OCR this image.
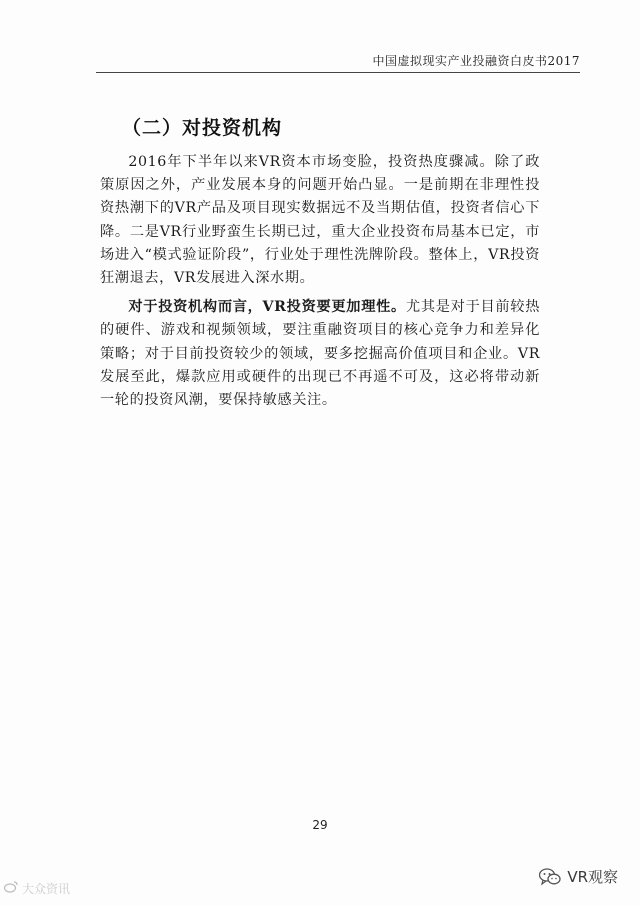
中国虚拟现实产业投融资白皮书2017
（二）对投资机构

2016年下半年以来VR资本市场变脸，投资热度骤减。除了政策原因之外，产业发展本身的问题开始凸显。一是前期在非理性投资热潮下的VR产品及项目现实数据远不及当期估值，投资者信心下降。二是VR行业野蛮生长期已过，重大企业投资布局基本已定，市场进入“模式验证阶段”，行业处于理性洗牌阶段。整体上，VR投资狂潮退去，VR发展进入深水期。

对于投资机构而言，VR投资要更加理性。尤其是对于目前较热的硬件、游戏和视频领域，要注重融资项目的核心竞争力和差异化策略；对于目前投资较少的领域，要多挖掘高价值项目和企业。VR发展至此，爆款应用或硬件的出现已不再遥不可及，这必将带动新一轮的投资风潮，要保持敏感关注。

29
大众资讯
VR观察
